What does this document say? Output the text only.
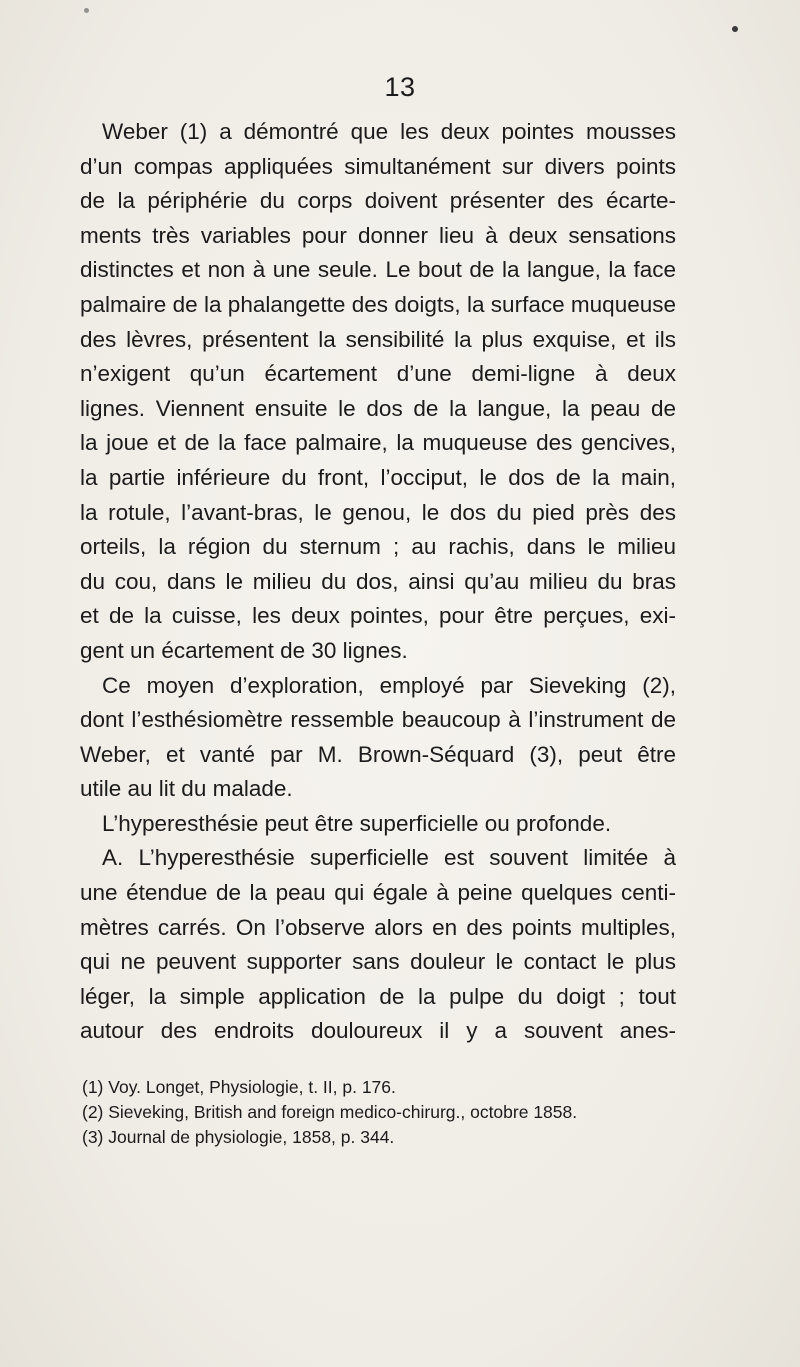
13
Weber (1) a démontré que les deux pointes mousses
d’un compas appliquées simultanément sur divers points
de la périphérie du corps doivent présenter des écarte-
ments très variables pour donner lieu à deux sensations
distinctes et non à une seule. Le bout de la langue, la face
palmaire de la phalangette des doigts, la surface muqueuse
des lèvres, présentent la sensibilité la plus exquise, et ils
n’exigent qu’un écartement d’une demi-ligne à deux
lignes. Viennent ensuite le dos de la langue, la peau de
la joue et de la face palmaire, la muqueuse des gencives,
la partie inférieure du front, l’occiput, le dos de la main,
la rotule, l’avant-bras, le genou, le dos du pied près des
orteils, la région du sternum ; au rachis, dans le milieu
du cou, dans le milieu du dos, ainsi qu’au milieu du bras
et de la cuisse, les deux pointes, pour être perçues, exi-
gent un écartement de 30 lignes.
Ce moyen d’exploration, employé par Sieveking (2),
dont l’esthésiomètre ressemble beaucoup à l’instrument de
Weber, et vanté par M. Brown-Séquard (3), peut être
utile au lit du malade.
L’hyperesthésie peut être superficielle ou profonde.
A. L’hyperesthésie superficielle est souvent limitée à
une étendue de la peau qui égale à peine quelques centi-
mètres carrés. On l’observe alors en des points multiples,
qui ne peuvent supporter sans douleur le contact le plus
léger, la simple application de la pulpe du doigt ; tout
autour des endroits douloureux il y a souvent anes-
(1) Voy. Longet, Physiologie, t. II, p. 176.
(2) Sieveking, British and foreign medico-chirurg., octobre 1858.
(3) Journal de physiologie, 1858, p. 344.
